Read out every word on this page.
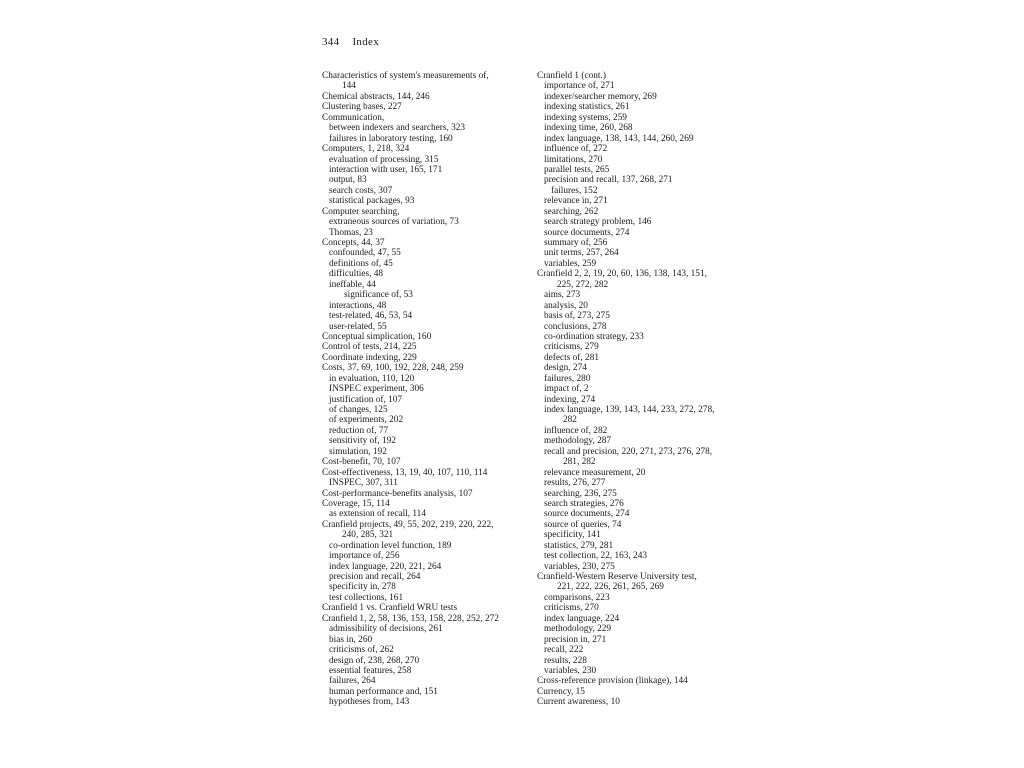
344 Index
Characteristics of system's measurements of,
144
Chemical abstracts, 144, 246
Clustering bases, 227
Communication,
between indexers and searchers, 323
failures in laboratory testing, 160
Computers, 1, 218, 324
evaluation of processing, 315
interaction with user, 165, 171
output, 83
search costs, 307
statistical packages, 93
Computer searching,
extraneous sources of variation, 73
Thomas, 23
Concepts, 44, 37
confounded, 47, 55
definitions of, 45
difficulties, 48
ineffable, 44
significance of, 53
interactions, 48
test-related, 46, 53, 54
user-related, 55
Conceptual simplication, 160
Control of tests, 214, 225
Coordinate indexing, 229
Costs, 37, 69, 100, 192, 228, 248, 259
in evaluation, 110, 120
INSPEC experiment, 306
justification of, 107
of changes, 125
of experiments, 202
reduction of, 77
sensitivity of, 192
simulation, 192
Cost-benefit, 70, 107
Cost-effectiveness, 13, 19, 40, 107, 110, 114
INSPEC, 307, 311
Cost-performance-benefits analysis, 107
Coverage, 15, 114
as extension of recall, 114
Cranfield projects, 49, 55, 202, 219, 220, 222,
240, 285, 321
co-ordination level function, 189
importance of, 256
index language, 220, 221, 264
precision and recall, 264
specificity in, 278
test collections, 161
Cranfield 1 vs. Cranfield WRU tests
Cranfield 1, 2, 58, 136, 153, 158, 228, 252, 272
admissibility of decisions, 261
bias in, 260
criticisms of, 262
design of, 238, 268, 270
essential features, 258
failures, 264
human performance and, 151
hypotheses from, 143
Cranfield 1 (cont.)
importance of, 271
indexer/searcher memory, 269
indexing statistics, 261
indexing systems, 259
indexing time, 260, 268
index language, 138, 143, 144, 260, 269
influence of, 272
limitations, 270
parallel tests, 265
precision and recall, 137, 268, 271
failures, 152
relevance in, 271
searching, 262
search strategy problem, 146
source documents, 274
summary of, 256
unit terms, 257, 264
variables, 259
Cranfield 2, 2, 19, 20, 60, 136, 138, 143, 151,
225, 272, 282
aims, 273
analysis, 20
basis of, 273, 275
conclusions, 278
co-ordination strategy, 233
criticisms, 279
defects of, 281
design, 274
failures, 280
impact of, 2
indexing, 274
index language, 139, 143, 144, 233, 272, 278,
282
influence of, 282
methodology, 287
recall and precision, 220, 271, 273, 276, 278,
281, 282
relevance measurement, 20
results, 276, 277
searching, 236, 275
search strategies, 276
source documents, 274
source of queries, 74
specificity, 141
statistics, 279, 281
test collection, 22, 163, 243
variables, 230, 275
Cranfield-Western Reserve University test,
221, 222, 226, 261, 265, 269
comparisons, 223
criticisms, 270
index language, 224
methodology, 229
precision in, 271
recall, 222
results, 228
variables, 230
Cross-reference provision (linkage), 144
Currency, 15
Current awareness, 10
